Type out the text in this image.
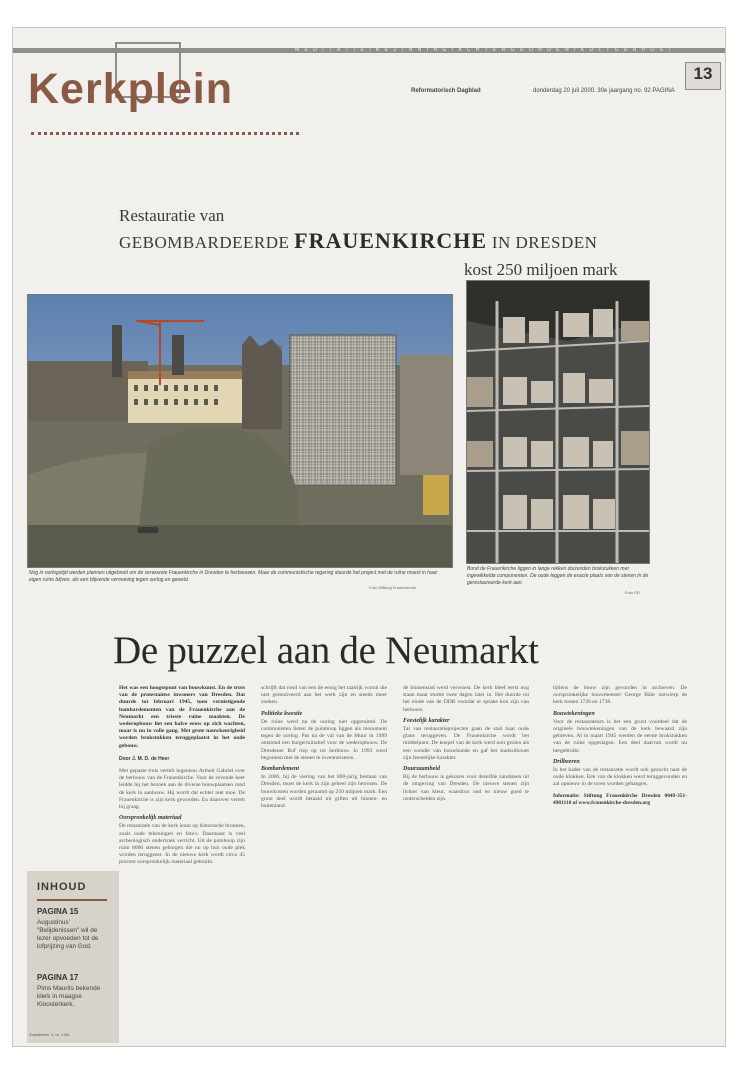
M E D I T A T I E / B E Z I N N I N G / A C H T E R G R O N D E N / K U L T U U R P O S T
Kerkplein	Reformatorisch Dagblad	donderdag 20 juli 2000, 30e jaargang no. 92 PAGINA
13
Restauratie van
GEBOMBARDEERDE FRAUENKIRCHE IN DRESDEN
kost 250 miljoen mark
Nog in oorlogstijd werden plannen uitgebreid om de verwoeste Frauenkirche in Dresden te herbouwen. Maar de communistische regering stuurde het project met de ruïne moest in haar eigen ruïne blijven, als een blijvende vermaning tegen oorlog en geweld.
Foto Stiftung Frauenkirche
Bond de Frauenkirche liggen in lange rekken duizenden brokstukken met ingewikkelde componenten. De oude leggen de exacte plaats van de stenen in de gerestaureerde kerk aan.
Foto RD
De puzzel aan de Neumarkt
Het was een hoogtepunt van bouwkunst. En de trots van de protestantse inwoners van Dresden. Dat duurde tot februari 1945, toen vernietigende bombardementen van de Frauenkirche aan de Neumarkt een trieste ruïne maakten. De wederopbouw liet een halve eeuw op zich wachten, maar is nu in volle gang. Met grote nauwkeurigheid worden brokstukken teruggeplaatst in het oude gebouw.
Door J. M. D. de Heer

Met gepaste trots vertelt ingenieur Artheit Gabriel over de herbouw van de Frauenkirche. Voor de zevende keer leidde hij het bezoek aan de diverse bouwplaatsen rond de kerk in aanbouw. Hij wordt dat echter niet moe. De Frauenkirche is zijn kerk geworden. En daarover vertelt hij graag.

Oorspronkelijk materiaal

De restauratie van de kerk leunt op historische bronnen, zoals oude tekeningen en foto's. Daarnaast is veel archeologisch onderzoek verricht. Uit de puinhoop zijn ruim 8000 stenen geborgen die nu op hun oude plek worden teruggezet. In de nieuwe kerk wordt circa 45 procent oorspronkelijk materiaal gebruikt.

schrijft dat rond van een de eenig het taalrijk vooral die niet gemotiveerd aan het werk zijn en steeds meer zoeken.

Politieke kwestie

De ruïne werd na de oorlog niet opgeruimd. De communisten lieten de puinhoop liggen als monument tegen de oorlog. Pas na de val van de Muur in 1989 ontstond een burgerinitiatief voor de wederopbouw. De Dresdener Ruf riep op tot herbouw. In 1993 werd begonnen met de stenen te inventariseren.

Bombardement

In 2006, bij de viering van het 800-jarig bestaan van Dresden, moet de kerk in zijn geheel zijn herrezen. De bouwkosten worden geraamd op 250 miljoen mark. Een groot deel wordt betaald uit giften uit binnen- en buitenland.

de binnenstad werd verwoest. De kerk bleef eerst nog staan maar stortte twee dagen later in. Het duurde tot het einde van de DDR voordat er sprake kon zijn van herbouw.

Feestelijk karakter

Tal van restauratieprojecten gaan de stad haar oude glans teruggeven. De Frauenkirche wordt het middelpunt. De koepel van de kerk werd ooit gezien als een wonder van bouwkunde en gaf het stadssilhouet zijn feestelijke karakter.

Duurzaamheid

Bij de herbouw is gekozen voor dezelfde zandsteen uit de omgeving van Dresden. De nieuwe stenen zijn lichter van kleur, waardoor oud en nieuw goed te onderscheiden zijn.

tijdens de bouw zijn gevonden in archieven. De oorspronkelijke bouwmeester George Bähr ontwierp de kerk tussen 1726 en 1738.

Bouwtekeningen

Voor de restaurateurs is het een groot voordeel dat de originele bouwtekeningen van de kerk bewaard zijn gebleven. Al in maart 1945 werden de eerste brokstukken van de ruïne opgeslagen. Een deel daarvan wordt nu hergebruikt.

Drilbeeren

In het kader van de restauratie wordt ook gezocht naar de oude klokken. Eén van de klokken werd teruggevonden en zal opnieuw in de toren worden gehangen.

Informatie: Stiftung Frauenkirche Dresden 0049-351-4981110 of www.frauenkirche-dresden.org
INHOUD
PAGINA 15
Augustinus' "Belijdenissen" wil de lezer opvoeden tot de lofprijzing van God.
PAGINA 17
Pims Maurits bekende klerk in maagse Kloosterkerk.
Zoekdeelnr. 1, nr. 1 Bd.
